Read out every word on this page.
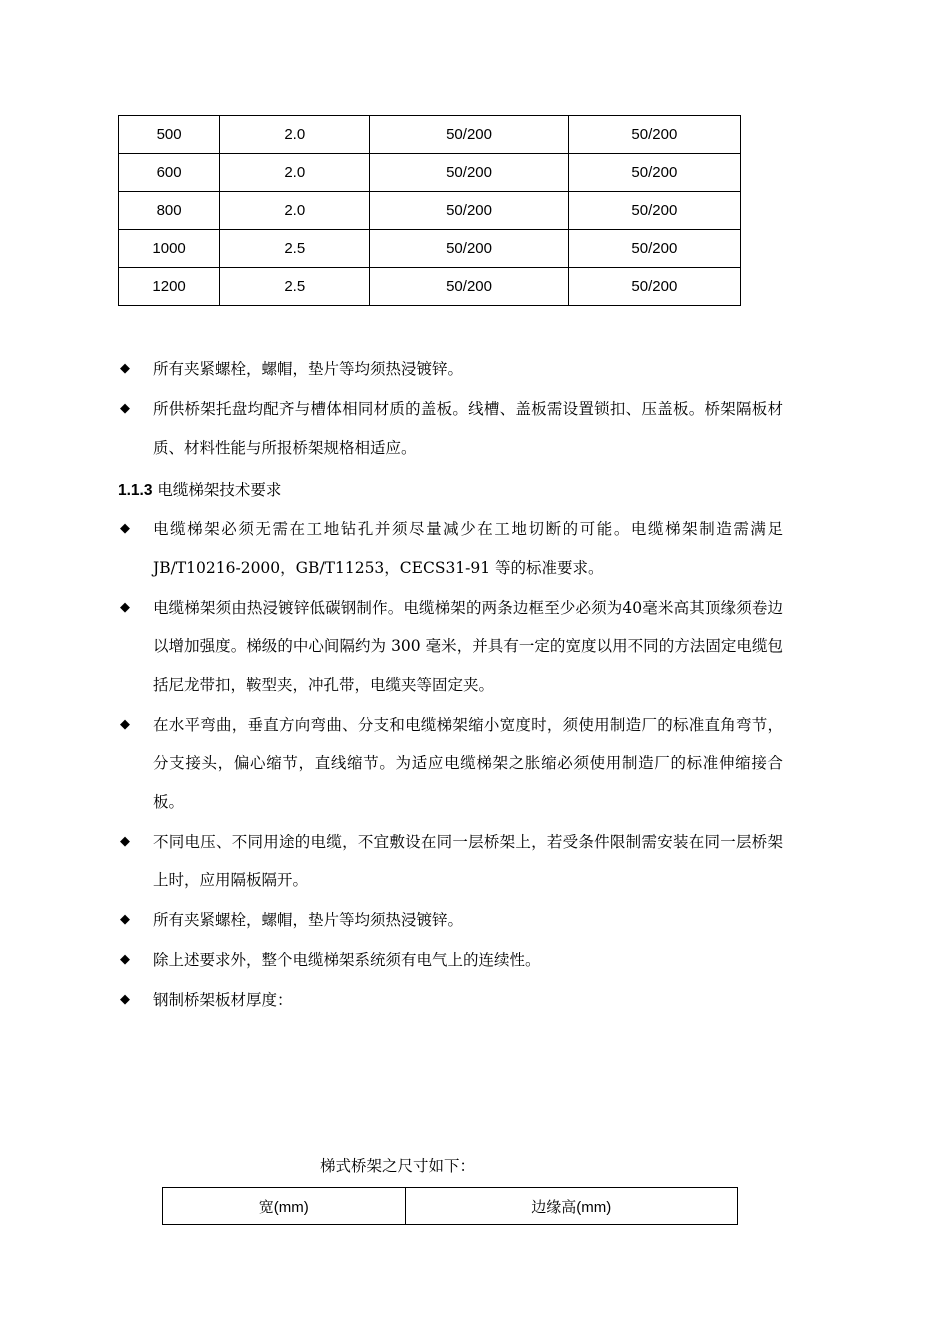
500	2.0	50/200	50/200
600	2.0	50/200	50/200
800	2.0	50/200	50/200
1000	2.5	50/200	50/200
1200	2.5	50/200	50/200
◆ 所有夹紧螺栓，螺帽，垫片等均须热浸镀锌。
◆ 所供桥架托盘均配齐与槽体相同材质的盖板。线槽、盖板需设置锁扣、压盖板。桥架隔板材质、材料性能与所报桥架规格相适应。
1.1.3 电缆梯架技术要求
◆ 电缆梯架必须无需在工地钻孔并须尽量减少在工地切断的可能。电缆梯架制造需满足JB/T10216-2000，GB/T11253，CECS31-91 等的标准要求。
◆ 电缆梯架须由热浸镀锌低碳钢制作。电缆梯架的两条边框至少必须为40毫米高其顶缘须卷边以增加强度。梯级的中心间隔约为 300 毫米，并具有一定的宽度以用不同的方法固定电缆包括尼龙带扣，鞍型夹，冲孔带，电缆夹等固定夹。
◆ 在水平弯曲，垂直方向弯曲、分支和电缆梯架缩小宽度时，须使用制造厂的标准直角弯节，分支接头，偏心缩节，直线缩节。为适应电缆梯架之胀缩必须使用制造厂的标准伸缩接合板。
◆ 不同电压、不同用途的电缆，不宜敷设在同一层桥架上，若受条件限制需安装在同一层桥架上时，应用隔板隔开。
◆ 所有夹紧螺栓，螺帽，垫片等均须热浸镀锌。
◆ 除上述要求外，整个电缆梯架系统须有电气上的连续性。
◆ 钢制桥架板材厚度：
梯式桥架之尺寸如下：
宽(mm)	边缘高(mm)
